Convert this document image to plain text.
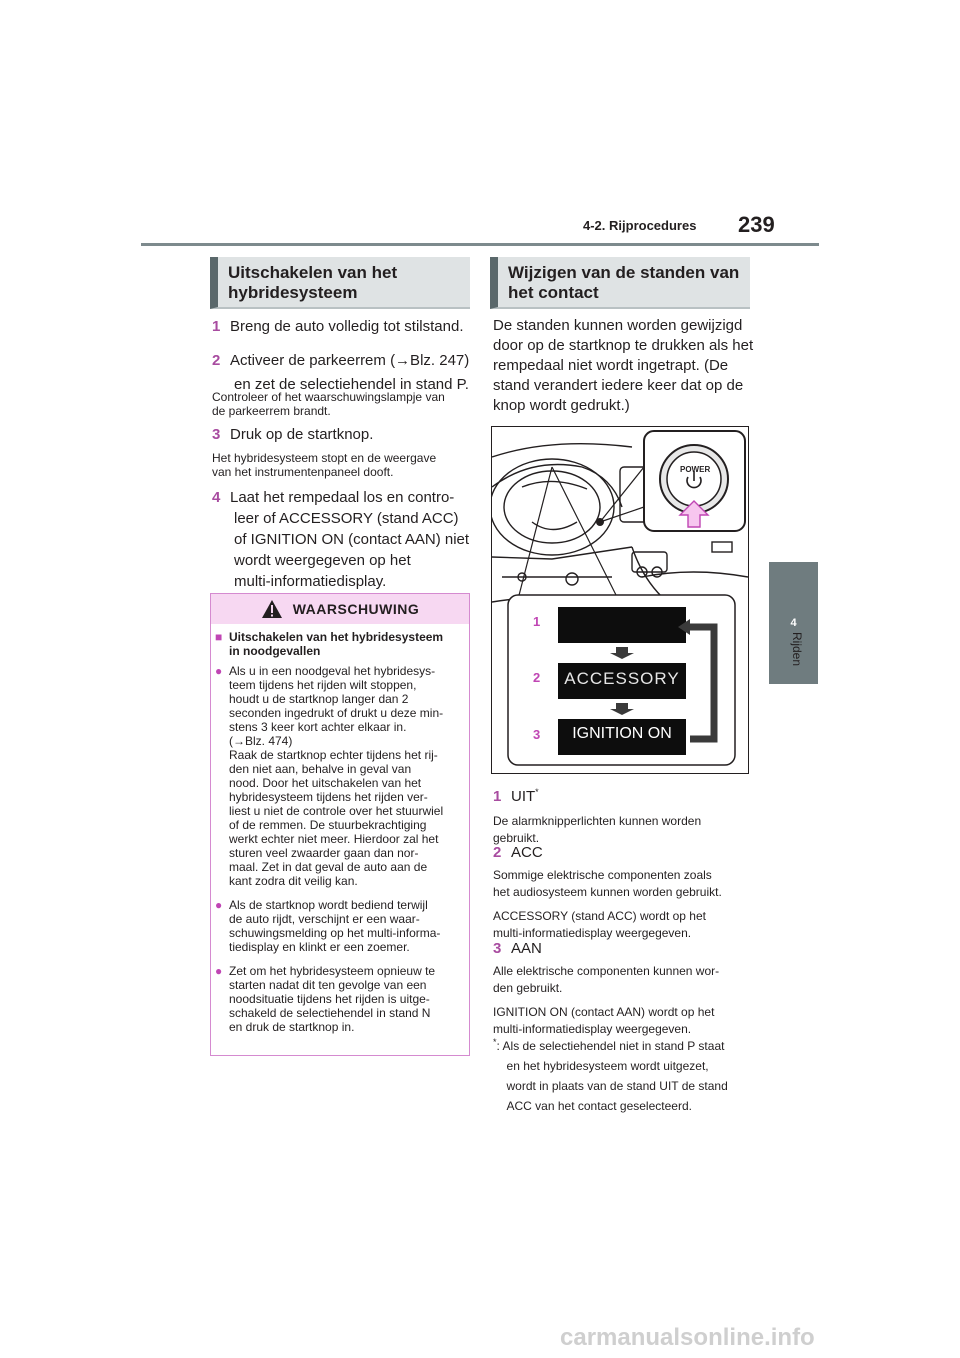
4-2. Rijprocedures 239
4
Rijden
Uitschakelen van het
hybridesysteem
1 Breng de auto volledig tot stilstand.
2 Activeer de parkeerrem (→Blz. 247)
en zet de selectiehendel in stand P.
Controleer of het waarschuwingslampje van
de parkeerrem brandt.
3 Druk op de startknop.
Het hybridesysteem stopt en de weergave
van het instrumentenpaneel dooft.
4 Laat het rempedaal los en contro-
leer of ACCESSORY (stand ACC)
of IGNITION ON (contact AAN) niet
wordt weergegeven op het
multi-informatiedisplay.
WAARSCHUWING
■ Uitschakelen van het hybridesysteem
in noodgevallen
● Als u in een noodgeval het hybridesys-
teem tijdens het rijden wilt stoppen,
houdt u de startknop langer dan 2
seconden ingedrukt of drukt u deze min-
stens 3 keer kort achter elkaar in.
(→Blz. 474)
Raak de startknop echter tijdens het rij-
den niet aan, behalve in geval van
nood. Door het uitschakelen van het
hybridesysteem tijdens het rijden ver-
liest u niet de controle over het stuurwiel
of de remmen. De stuurbekrachtiging
werkt echter niet meer. Hierdoor zal het
sturen veel zwaarder gaan dan nor-
maal. Zet in dat geval de auto aan de
kant zodra dit veilig kan.
● Als de startknop wordt bediend terwijl
de auto rijdt, verschijnt er een waar-
schuwingsmelding op het multi-informa-
tiedisplay en klinkt er een zoemer.
● Zet om het hybridesysteem opnieuw te
starten nadat dit ten gevolge van een
noodsituatie tijdens het rijden is uitge-
schakeld de selectiehendel in stand N
en druk de startknop in.
Wijzigen van de standen van
het contact
De standen kunnen worden gewijzigd
door op de startknop te drukken als het
rempedaal niet wordt ingetrapt. (De
stand verandert iedere keer dat op de
knop wordt gedrukt.)
POWER
1
2
3
ACCESSORY
IGNITION ON
1 UIT*
De alarmknipperlichten kunnen worden
gebruikt.
2 ACC
Sommige elektrische componenten zoals
het audiosysteem kunnen worden gebruikt.
ACCESSORY (stand ACC) wordt op het
multi-informatiedisplay weergegeven.
3 AAN
Alle elektrische componenten kunnen wor-
den gebruikt.
IGNITION ON (contact AAN) wordt op het
multi-informatiedisplay weergegeven.
* : Als de selectiehendel niet in stand P staat
en het hybridesysteem wordt uitgezet,
wordt in plaats van de stand UIT de stand
ACC van het contact geselecteerd.
carmanualsonline.info
